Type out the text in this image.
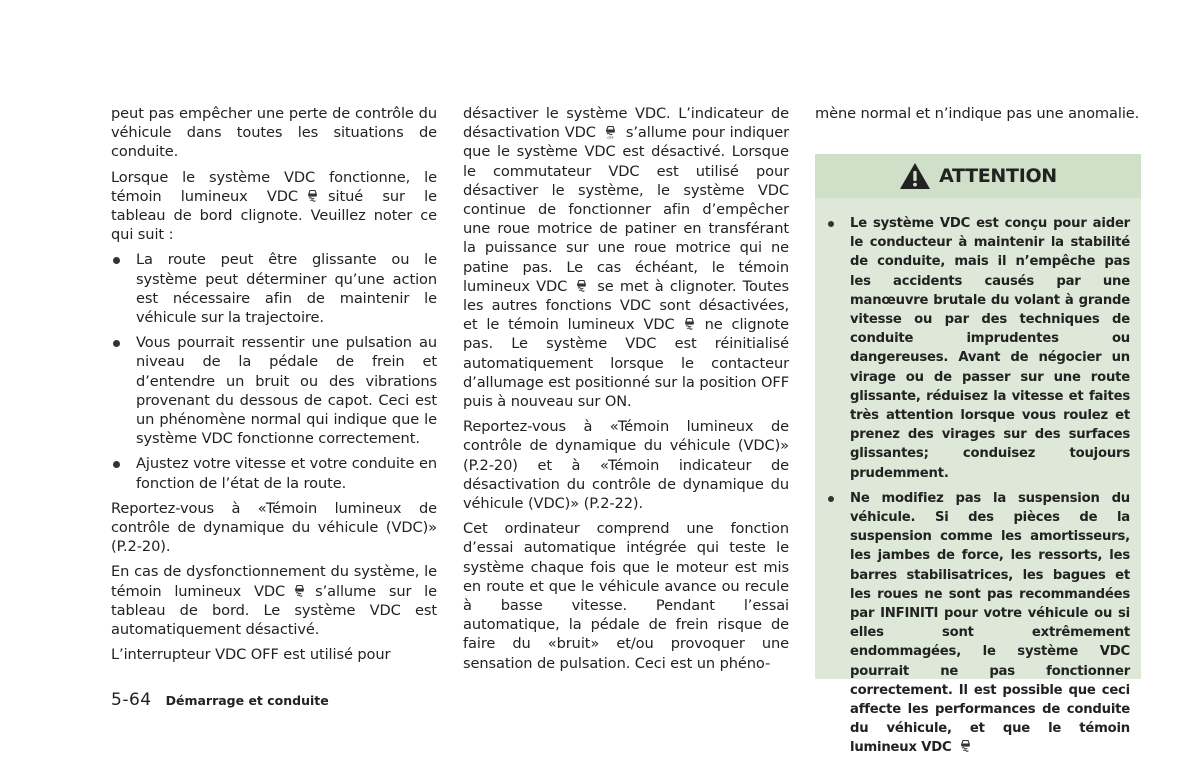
peut pas empêcher une perte de contrôle du véhicule dans toutes les situations de conduite.

Lorsque le système VDC fonctionne, le témoin lumineux VDC situé sur le tableau de bord clignote. Veuillez noter ce qui suit :

La route peut être glissante ou le système peut déterminer qu’une action est nécessaire afin de maintenir le véhicule sur la trajectoire.
Vous pourrait ressentir une pulsation au niveau de la pédale de frein et d’entendre un bruit ou des vibrations provenant du dessous de capot. Ceci est un phénomène normal qui indique que le système VDC fonctionne correctement.
Ajustez votre vitesse et votre conduite en fonction de l’état de la route.

Reportez-vous à «Témoin lumineux de contrôle de dynamique du véhicule (VDC)» (P.2-20).

En cas de dysfonctionnement du système, le témoin lumineux VDC s’allume sur le tableau de bord. Le système VDC est automatiquement désactivé.

L’interrupteur VDC OFF est utilisé pour

désactiver le système VDC. L’indicateur de désactivation VDC s’allume pour indiquer que le système VDC est désactivé. Lorsque le commutateur VDC est utilisé pour désactiver le système, le système VDC continue de fonctionner afin d’empêcher une roue motrice de patiner en transférant la puissance sur une roue motrice qui ne patine pas. Le cas échéant, le témoin lumineux VDC se met à clignoter. Toutes les autres fonctions VDC sont désactivées, et le témoin lumineux VDC ne clignote pas. Le système VDC est réinitialisé automatiquement lorsque le contacteur d’allumage est positionné sur la position OFF puis à nouveau sur ON.

Reportez-vous à «Témoin lumineux de contrôle de dynamique du véhicule (VDC)» (P.2-20) et à «Témoin indicateur de désactivation du contrôle de dynamique du véhicule (VDC)» (P.2-22).

Cet ordinateur comprend une fonction d’essai automatique intégrée qui teste le système chaque fois que le moteur est mis en route et que le véhicule avance ou recule à basse vitesse. Pendant l’essai automatique, la pédale de frein risque de faire du «bruit» et/ou provoquer une sensation de pulsation. Ceci est un phéno-

mène normal et n’indique pas une anomalie.

ATTENTION
Le système VDC est conçu pour aider le conducteur à maintenir la stabilité de conduite, mais il n’empêche pas les accidents causés par une manœuvre brutale du volant à grande vitesse ou par des techniques de conduite imprudentes ou dangereuses. Avant de négocier un virage ou de passer sur une route glissante, réduisez la vitesse et faites très attention lorsque vous roulez et prenez des virages sur des surfaces glissantes; conduisez toujours prudemment.
Ne modifiez pas la suspension du véhicule. Si des pièces de la suspension comme les amortisseurs, les jambes de force, les ressorts, les barres stabilisatrices, les bagues et les roues ne sont pas recommandées par INFINITI pour votre véhicule ou si elles sont extrêmement endommagées, le système VDC pourrait ne pas fonctionner correctement. Il est possible que ceci affecte les performances de conduite du véhicule, et que le témoin lumineux VDC
5-64 Démarrage et conduite
